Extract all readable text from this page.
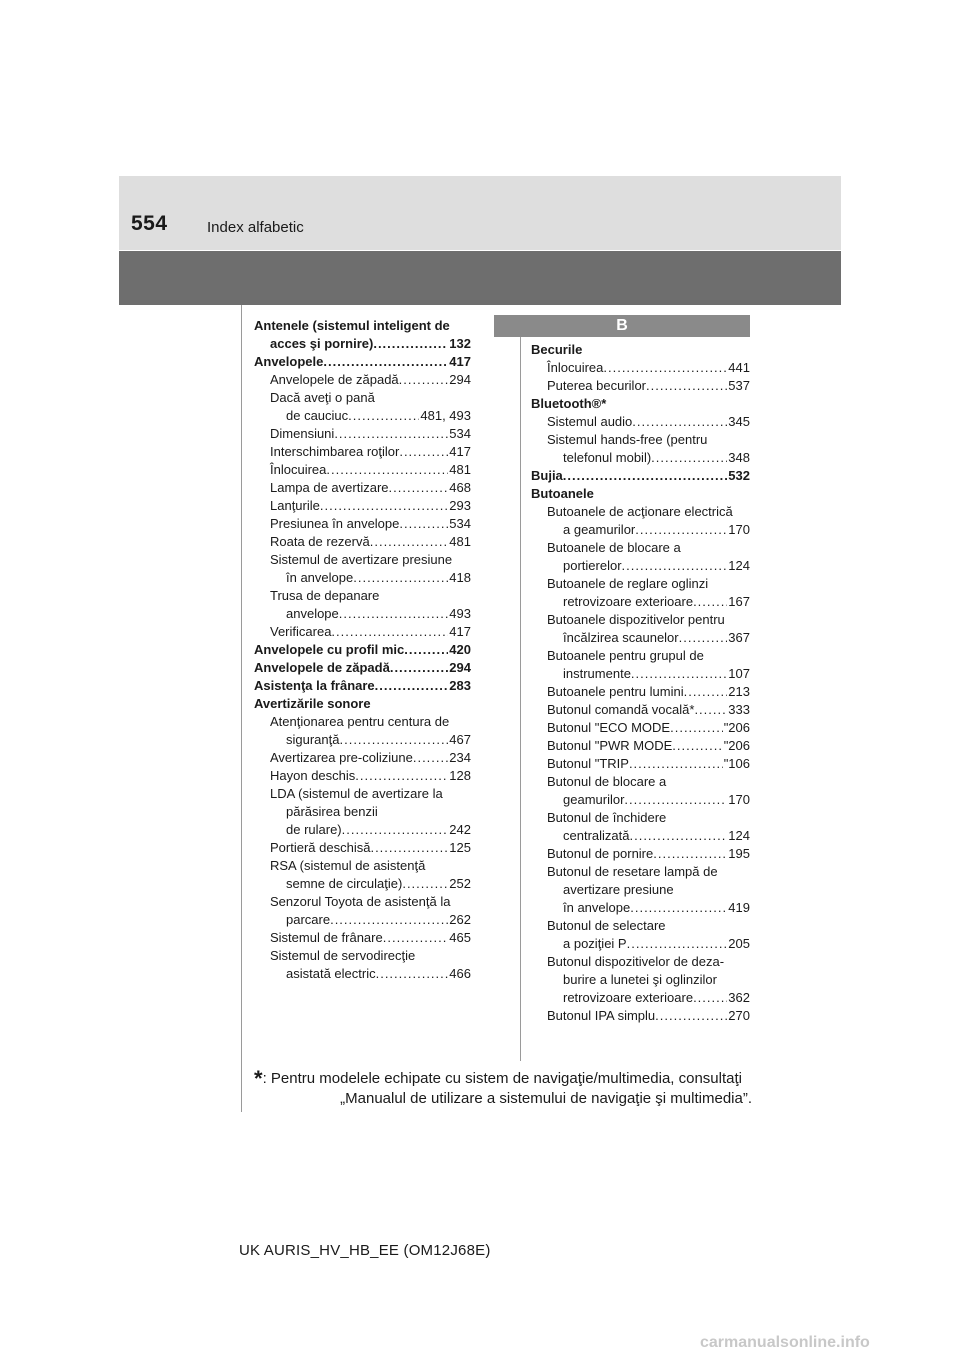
554	Index alfabetic
Antenele (sistemul inteligent de
acces şi pornire) .....	132
Anvelopele .....	417
Anvelopele de zăpadă .....	294
Dacă aveţi o pană
de cauciuc .....	481, 493
Dimensiuni .....	534
Interschimbarea roţilor .....	417
Înlocuirea .....	481
Lampa de avertizare .....	468
Lanţurile .....	293
Presiunea în anvelope .....	534
Roata de rezervă .....	481
Sistemul de avertizare presiune
în anvelope .....	418
Trusa de depanare
anvelope .....	493
Verificarea .....	417
Anvelopele cu profil mic .....	420
Anvelopele de zăpadă .....	294
Asistenţa la frânare .....	283
Avertizările sonore
Atenţionarea pentru centura de
siguranţă .....	467
Avertizarea pre-coliziune .....	234
Hayon deschis .....	128
LDA (sistemul de avertizare la
părăsirea benzii
de rulare) .....	242
Portieră deschisă .....	125
RSA (sistemul de asistenţă
semne de circulaţie) .....	252
Senzorul Toyota de asistenţă la
parcare .....	262
Sistemul de frânare .....	465
Sistemul de servodirecţie
asistată electric .....	466
B
Becurile
Înlocuirea .....	441
Puterea becurilor .....	537
Bluetooth®*
Sistemul audio .....	345
Sistemul hands-free (pentru
telefonul mobil) .....	348
Bujia .....	532
Butoanele
Butoanele de acţionare electrică
a geamurilor .....	170
Butoanele de blocare a
portierelor .....	124
Butoanele de reglare oglinzi
retrovizoare exterioare .....	167
Butoanele dispozitivelor pentru
încălzirea scaunelor .....	367
Butoanele pentru grupul de
instrumente .....	107
Butoanele pentru lumini .....	213
Butonul comandă vocală* .....	333
Butonul "ECO MODE .....	"206
Butonul "PWR MODE .....	"206
Butonul "TRIP .....	"106
Butonul de blocare a
geamurilor .....	170
Butonul de închidere
centralizată .....	124
Butonul de pornire .....	195
Butonul de resetare lampă de
avertizare presiune
în anvelope .....	419
Butonul de selectare
a poziţiei P .....	205
Butonul dispozitivelor de deza-
burire a lunetei şi oglinzilor
retrovizoare exterioare .....	362
Butonul IPA simplu .....	270
*: Pentru modelele echipate cu sistem de navigaţie/multimedia, consultaţi
„Manualul de utilizare a sistemului de navigaţie şi multimedia”.
UK AURIS_HV_HB_EE (OM12J68E)
carmanualsonline.info
